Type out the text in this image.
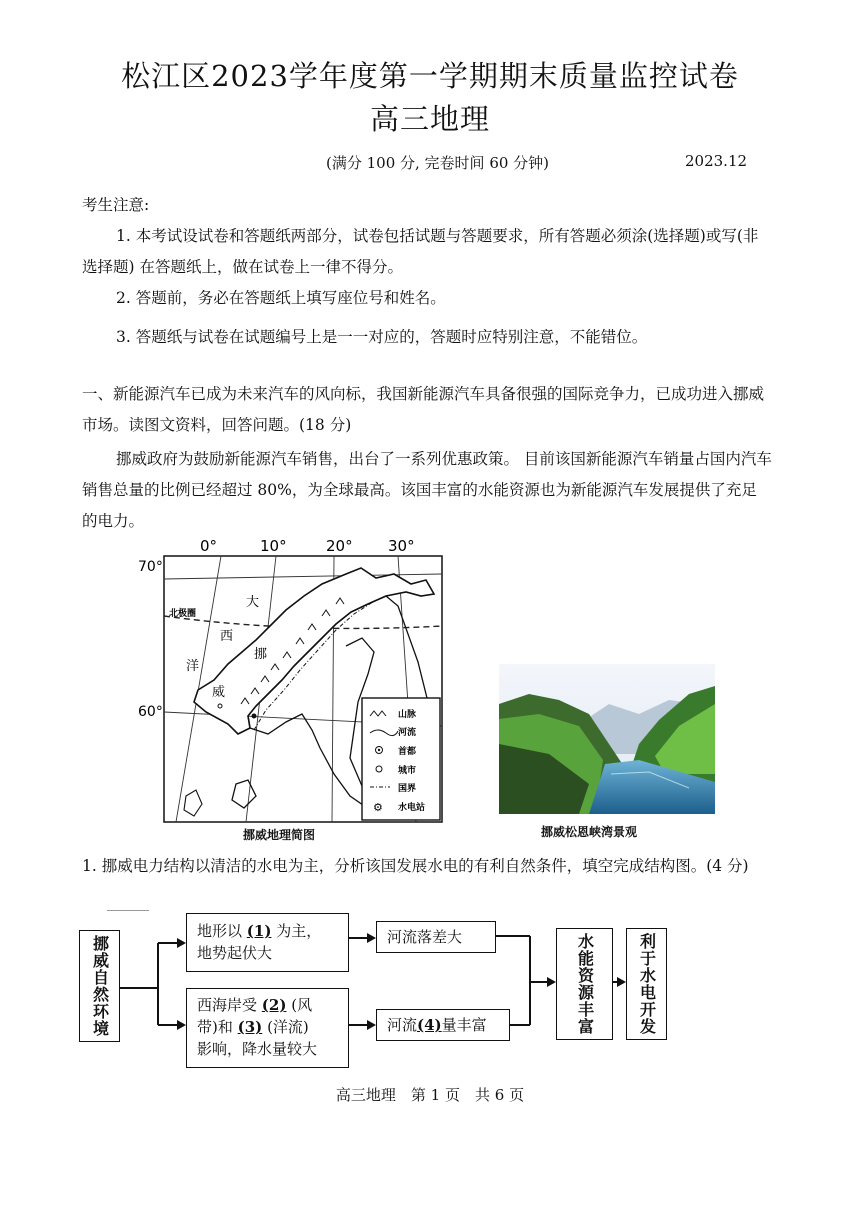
松江区2023学年度第一学期期末质量监控试卷
高三地理
(满分 100 分, 完卷时间 60 分钟)	2023.12
考生注意:
1. 本考试设试卷和答题纸两部分，试卷包括试题与答题要求，所有答题必须涂(选择题)或写(非选择题) 在答题纸上，做在试卷上一律不得分。
2. 答题前，务必在答题纸上填写座位号和姓名。
3. 答题纸与试卷在试题编号上是一一对应的，答题时应特别注意，不能错位。
一、新能源汽车已成为未来汽车的风向标，我国新能源汽车具备很强的国际竞争力，已成功进入挪威市场。读图文资料，回答问题。(18 分)
挪威政府为鼓励新能源汽车销售，出台了一系列优惠政策。 目前该国新能源汽车销量占国内汽车销售总量的比例已经超过 80%，为全球最高。该国丰富的水能资源也为新能源汽车发展提供了充足的电力。
0°	10°	20° 30°
70°
60°
北极圈
大
西
洋
挪
威
山脉
河流
首都
城市
国界
⚙ 水电站
挪威地理简图	挪威松恩峡湾景观
1. 挪威电力结构以清洁的水电为主，分析该国发展水电的有利自然条件，填空完成结构图。(4 分)
挪威自然环境
地形以 (1) 为主，
地势起伏大
西海岸受 (2) (风
带)和 (3) (洋流)
影响，降水量较大
河流落差大
河流(4)量丰富	水能资源丰富	利于水电开发
高三地理　第 1 页　共 6 页
